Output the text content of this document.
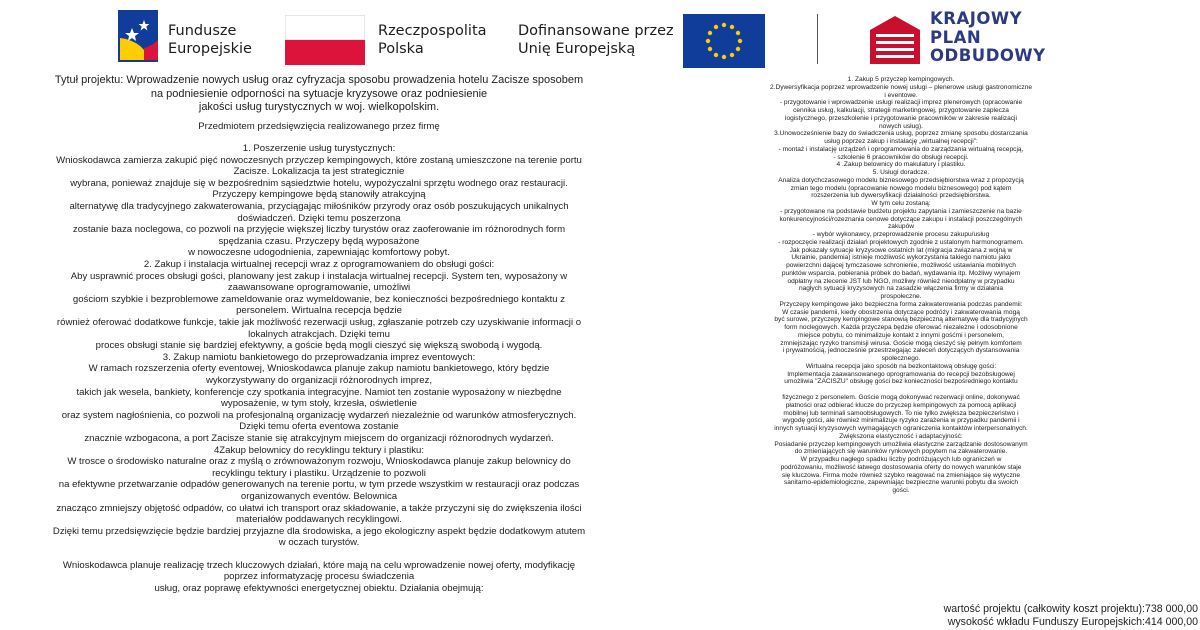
Fundusze
Europejskie
Rzeczpospolita
Polska
Dofinansowane przez
Unię Europejską
KRAJOWY
PLAN
ODBUDOWY
Tytuł projektu: Wprowadzenie nowych usług oraz cyfryzacja sposobu prowadzenia hotelu Zacisze sposobem
na podniesienie odporności na sytuacje kryzysowe oraz podniesienie
jakości usług turystycznych w woj. wielkopolskim.
Przedmiotem przedsięwzięcia realizowanego przez firmę
1. Poszerzenie usług turystycznych:
Wnioskodawca zamierza zakupić pięć nowoczesnych przyczep kempingowych, które zostaną umieszczone na terenie portu
Zacisze. Lokalizacja ta jest strategicznie
wybrana, ponieważ znajduje się w bezpośrednim sąsiedztwie hotelu, wypożyczalni sprzętu wodnego oraz restauracji.
Przyczepy kempingowe będą stanowiły atrakcyjną
alternatywę dla tradycyjnego zakwaterowania, przyciągając miłośników przyrody oraz osób poszukujących unikalnych
doświadczeń. Dzięki temu poszerzona
zostanie baza noclegowa, co pozwoli na przyjęcie większej liczby turystów oraz zaoferowanie im różnorodnych form
spędzania czasu. Przyczepy będą wyposażone
w nowoczesne udogodnienia, zapewniając komfortowy pobyt.
2. Zakup i instalacja wirtualnej recepcji wraz z oprogramowaniem do obsługi gości:
Aby usprawnić proces obsługi gości, planowany jest zakup i instalacja wirtualnej recepcji. System ten, wyposażony w
zaawansowane oprogramowanie, umożliwi
gościom szybkie i bezproblemowe zameldowanie oraz wymeldowanie, bez konieczności bezpośredniego kontaktu z
personelem. Wirtualna recepcja będzie
również oferować dodatkowe funkcje, takie jak możliwość rezerwacji usług, zgłaszanie potrzeb czy uzyskiwanie informacji o
lokalnych atrakcjach. Dzięki temu
proces obsługi stanie się bardziej efektywny, a goście będą mogli cieszyć się większą swobodą i wygodą.
3. Zakup namiotu bankietowego do przeprowadzania imprez eventowych:
W ramach rozszerzenia oferty eventowej, Wnioskodawca planuje zakup namiotu bankietowego, który będzie
wykorzystywany do organizacji różnorodnych imprez,
takich jak wesela, bankiety, konferencje czy spotkania integracyjne. Namiot ten zostanie wyposażony w niezbędne
wyposażenie, w tym stoły, krzesła, oświetlenie
oraz system nagłośnienia, co pozwoli na profesjonalną organizację wydarzeń niezależnie od warunków atmosferycznych.
Dzięki temu oferta eventowa zostanie
znacznie wzbogacona, a port Zacisze stanie się atrakcyjnym miejscem do organizacji różnorodnych wydarzeń.
4Zakup belownicy do recyklingu tektury i plastiku:
W trosce o środowisko naturalne oraz z myślą o zrównoważonym rozwoju, Wnioskodawca planuje zakup belownicy do
recyklingu tektury i plastiku. Urządzenie to pozwoli
na efektywne przetwarzanie odpadów generowanych na terenie portu, w tym przede wszystkim w restauracji oraz podczas
organizowanych eventów. Belownica
znacząco zmniejszy objętość odpadów, co ułatwi ich transport oraz składowanie, a także przyczyni się do zwiększenia ilości
materiałów poddawanych recyklingowi.
Dzięki temu przedsięwzięcie będzie bardziej przyjazne dla środowiska, a jego ekologiczny aspekt będzie dodatkowym atutem
w oczach turystów.
Wnioskodawca planuje realizację trzech kluczowych działań, które mają na celu wprowadzenie nowej oferty, modyfikację
poprzez informatyzację procesu świadczenia
usług, oraz poprawę efektywności energetycznej obiektu. Działania obejmują:
1. Zakup 5 przyczep kempingowych.
2.Dywersyfikacja poprzez wprowadzenie nowej usługi – plenerowe usługi gastronomiczne
i eventowe.
- przygotowanie i wprowadzenie usługi realizacji imprez plenerowych (opracowanie
cennika usług, kalkulacji, strategii marketingowej, przygotowanie zaplecza
logistycznego, przeszkolenie i przygotowanie pracowników w zakresie realizacji
nowych usług).
3.Unowocześnienie bazy do świadczenia usług, poprzez zmianę sposobu dostarczania
usług poprzez zakup i instalację „wirtualnej recepcji”:
- montaż i instalację urządzeń i oprogramowania do zarządzania wirtualną recepcją,
- szkolenie 6 pracowników do obsługi recepcji.
4 .Zakup belownicy do makulatury i plastiku.
5. Usługi doradcze.
Analiza dotychczasowego modelu biznesowego przedsiębiorstwa wraz z propozycją
zmian tego modelu (opracowanie nowego modelu biznesowego) pod kątem
rozszerzenia lub dywersyfikacji działalności przedsiębiorstwa.
W tym celu zostaną:
- przygotowane na podstawie budżetu projektu zapytania i zamieszczenie na bazie
konkurencyjności/rozeznania cenowe dotyczące zakupu i instalacji poszczególnych
zakupów
- wybór wykonawcy, przeprowadzenie procesu zakupu/usług
- rozpoczęcie realizacji działań projektowych zgodnie z ustalonym harmonogramem.
Jak pokazały sytuacje kryzysowe ostatnich lat (migracja związana z wojną w
Ukrainie, pandemia) istnieje możliwość wykorzystania takiego namiotu jako
powierzchni dającej tymczasowe schronienie, możliwość ustawiania mobilnych
punktów wsparcia, pobierania próbek do badań, wydawania itp. Możliwy wynajem
odpłatny na zlecenie JST lub NGO, możliwy również nieodpłatny w przypadku
nagłych sytuacji kryzysowych na zasadzie włączenia firmy w działania
prospołeczne.
Przyczepy kempingowe jako bezpieczna forma zakwaterowania podczas pandemii:
W czasie pandemii, kiedy obostrzenia dotyczące podróży i zakwaterowania mogą
być surowe, przyczepy kempingowe stanowią bezpieczną alternatywę dla tradycyjnych
form noclegowych. Każda przyczepa będzie oferować niezależne i odosobnione
miejsce pobytu, co minimalizuje kontakt z innymi gośćmi i personelem,
zmniejszając ryzyko transmisji wirusa. Goście mogą cieszyć się pełnym komfortem
i prywatnością, jednocześnie przestrzegając zaleceń dotyczących dystansowania
społecznego.
Wirtualna recepcja jako sposób na bezkontaktową obsługę gości:
Implementacja zaawansowanego oprogramowania do recepcji bezobsługowej
umożliwia "ZACISZU" obsługę gości bez konieczności bezpośredniego kontaktu
fizycznego z personelem. Goście mogą dokonywać rezerwacji online, dokonywać
płatności oraz odbierać klucze do przyczep kempingowych za pomocą aplikacji
mobilnej lub terminali samoobsługowych. To nie tylko zwiększa bezpieczeństwo i
wygodę gości, ale również minimalizuje ryzyko zarażenia w przypadku pandemii i
innych sytuacji kryzysowych wymagających ograniczenia kontaktów interpersonalnych.
Zwiększona elastyczność i adaptacyjność:
Posiadanie przyczep kempingowych umożliwia elastyczne zarządzanie dostosowanym
do zmieniających się warunków rynkowych popytem na zakwaterowanie.
W przypadku nagłego spadku liczby podróżujących lub ograniczeń w
podróżowaniu, możliwość łatwego dostosowania oferty do nowych warunków staje
się kluczowa. Firma może również szybko reagować na zmieniające się wytyczne
sanitarno-epidemiologiczne, zapewniając bezpieczne warunki pobytu dla swoich
gości.
wartość projektu (całkowity koszt projektu):738 000,00
wysokość wkładu Funduszy Europejskich:414 000,00
